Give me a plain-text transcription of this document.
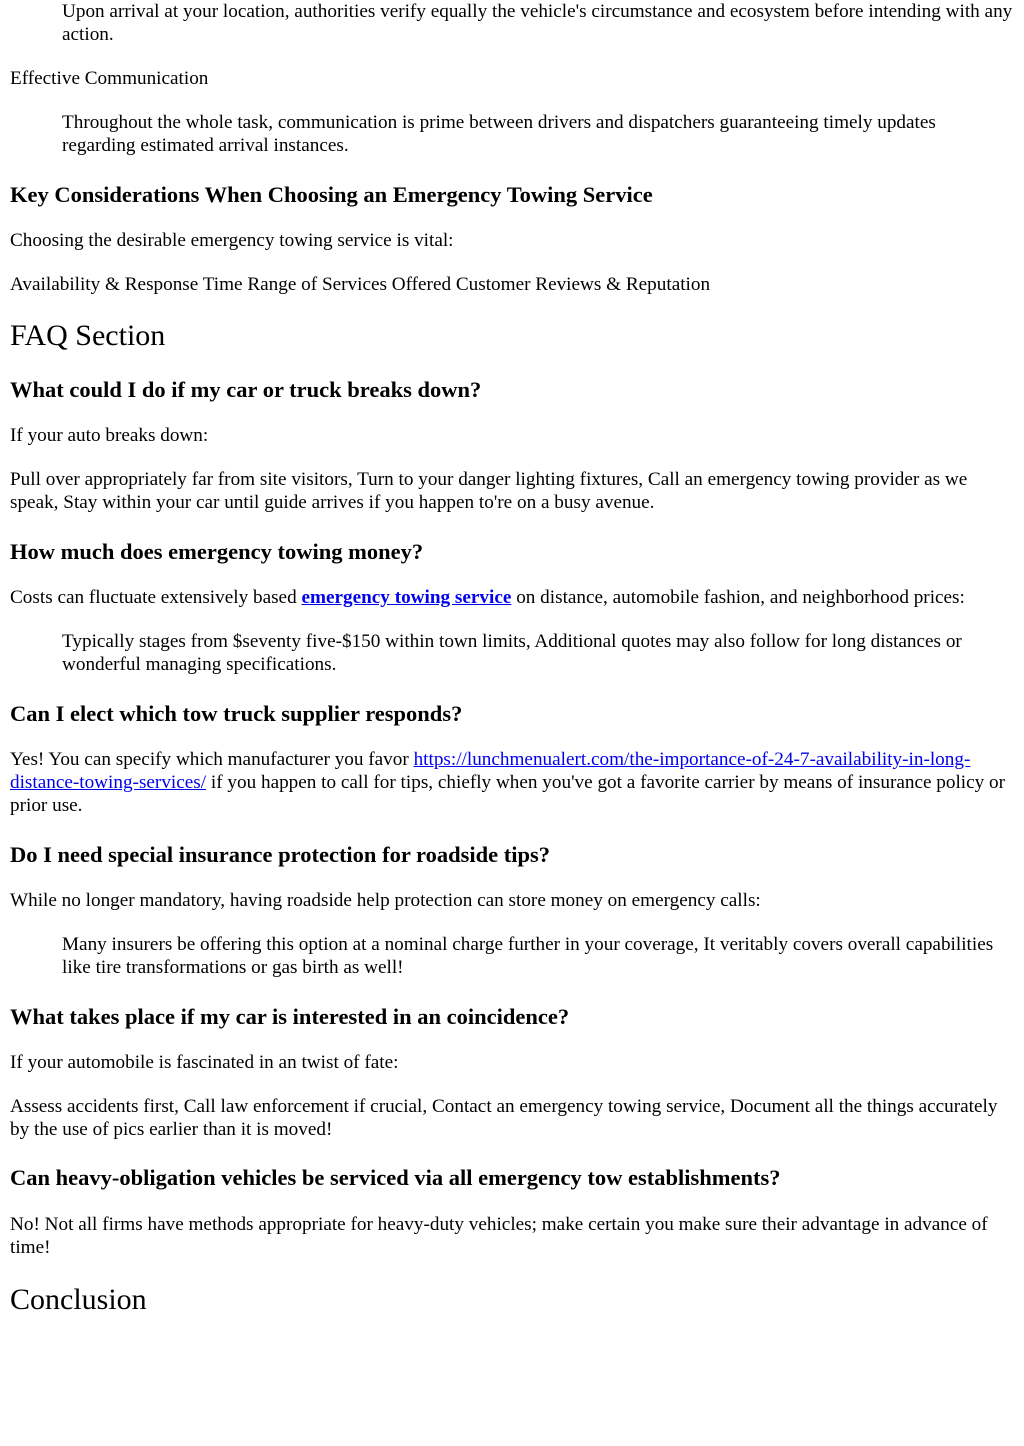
Upon arrival at your location, authorities verify equally the vehicle's circumstance and ecosystem before intending with any action.

Effective Communication

Throughout the whole task, communication is prime between drivers and dispatchers guaranteeing timely updates regarding estimated arrival instances.

Key Considerations When Choosing an Emergency Towing Service

Choosing the desirable emergency towing service is vital:

Availability & Response Time Range of Services Offered Customer Reviews & Reputation

FAQ Section
What could I do if my car or truck breaks down?

If your auto breaks down:

Pull over appropriately far from site visitors, Turn to your danger lighting fixtures, Call an emergency towing provider as we speak, Stay within your car until guide arrives if you happen to're on a busy avenue.

How much does emergency towing money?

Costs can fluctuate extensively based emergency towing service on distance, automobile fashion, and neighborhood prices:

Typically stages from $seventy five-$150 within town limits, Additional quotes may also follow for long distances or wonderful managing specifications.

Can I elect which tow truck supplier responds?

Yes! You can specify which manufacturer you favor https://lunchmenualert.com/the-importance-of-24-7-availability-in-long-distance-towing-services/ if you happen to call for tips, chiefly when you've got a favorite carrier by means of insurance policy or prior use.

Do I need special insurance protection for roadside tips?

While no longer mandatory, having roadside help protection can store money on emergency calls:

Many insurers be offering this option at a nominal charge further in your coverage, It veritably covers overall capabilities like tire transformations or gas birth as well!

What takes place if my car is interested in an coincidence?

If your automobile is fascinated in an twist of fate:

Assess accidents first, Call law enforcement if crucial, Contact an emergency towing service, Document all the things accurately by the use of pics earlier than it is moved!

Can heavy-obligation vehicles be serviced via all emergency tow establishments?

No! Not all firms have methods appropriate for heavy-duty vehicles; make certain you make sure their advantage in advance of time!

Conclusion
